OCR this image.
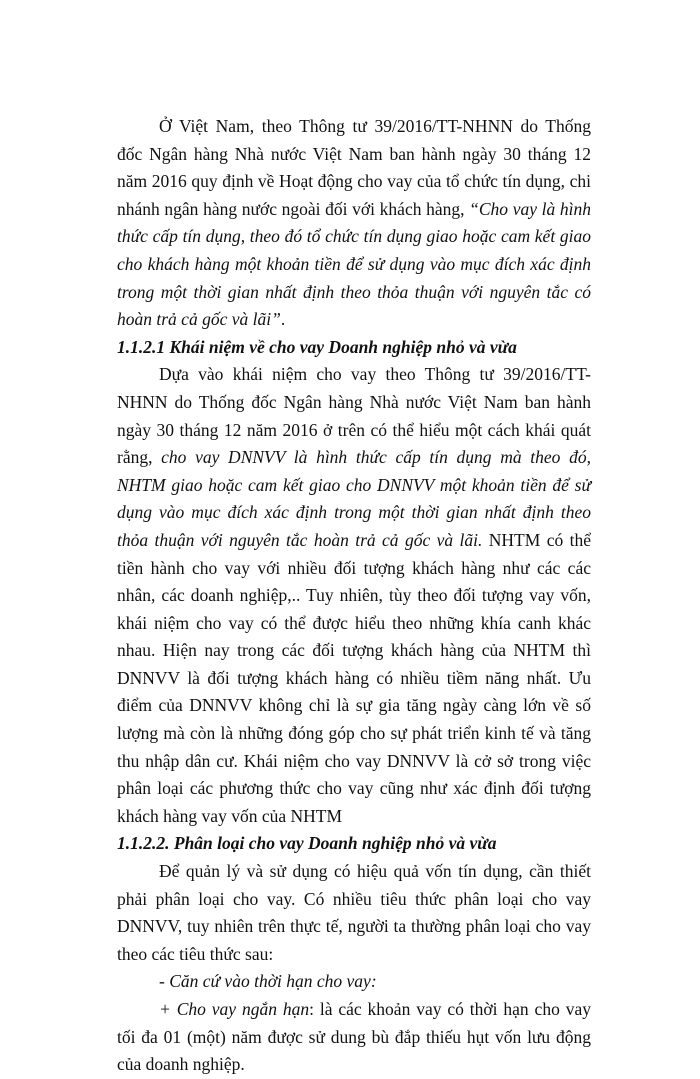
Ở Việt Nam, theo Thông tư 39/2016/TT-NHNN do Thống đốc Ngân hàng Nhà nước Việt Nam ban hành ngày 30 tháng 12 năm 2016 quy định về Hoạt động cho vay của tổ chức tín dụng, chi nhánh ngân hàng nước ngoài đối với khách hàng, “Cho vay là hình thức cấp tín dụng, theo đó tổ chức tín dụng giao hoặc cam kết giao cho khách hàng một khoản tiền để sử dụng vào mục đích xác định trong một thời gian nhất định theo thỏa thuận với nguyên tắc có hoàn trả cả gốc và lãi”.

1.1.2.1 Khái niệm về cho vay Doanh nghiệp nhỏ và vừa

Dựa vào khái niệm cho vay theo Thông tư 39/2016/TT-NHNN do Thống đốc Ngân hàng Nhà nước Việt Nam ban hành ngày 30 tháng 12 năm 2016 ở trên có thể hiểu một cách khái quát rằng, cho vay DNNVV là hình thức cấp tín dụng mà theo đó, NHTM giao hoặc cam kết giao cho DNNVV một khoản tiền để sử dụng vào mục đích xác định trong một thời gian nhất định theo thỏa thuận với nguyên tắc hoàn trả cả gốc và lãi. NHTM có thể tiền hành cho vay với nhiều đối tượng khách hàng như các các nhân, các doanh nghiệp,.. Tuy nhiên, tùy theo đối tượng vay vốn, khái niệm cho vay có thể được hiểu theo những khía canh khác nhau. Hiện nay trong các đối tượng khách hàng của NHTM thì DNNVV là đối tượng khách hàng có nhiều tiềm năng nhất. Ưu điểm của DNNVV không chỉ là sự gia tăng ngày càng lớn về số lượng mà còn là những đóng góp cho sự phát triển kinh tế và tăng thu nhập dân cư. Khái niệm cho vay DNNVV là cở sở trong việc phân loại các phương thức cho vay cũng như xác định đối tượng khách hàng vay vốn của NHTM

1.1.2.2. Phân loại cho vay Doanh nghiệp nhỏ và vừa

Để quản lý và sử dụng có hiệu quả vốn tín dụng, cần thiết phải phân loại cho vay. Có nhiều tiêu thức phân loại cho vay DNNVV, tuy nhiên trên thực tế, người ta thường phân loại cho vay theo các tiêu thức sau:

- Căn cứ vào thời hạn cho vay:

+ Cho vay ngắn hạn: là các khoản vay có thời hạn cho vay tối đa 01 (một) năm được sử dung bù đắp thiếu hụt vốn lưu động của doanh nghiệp.
